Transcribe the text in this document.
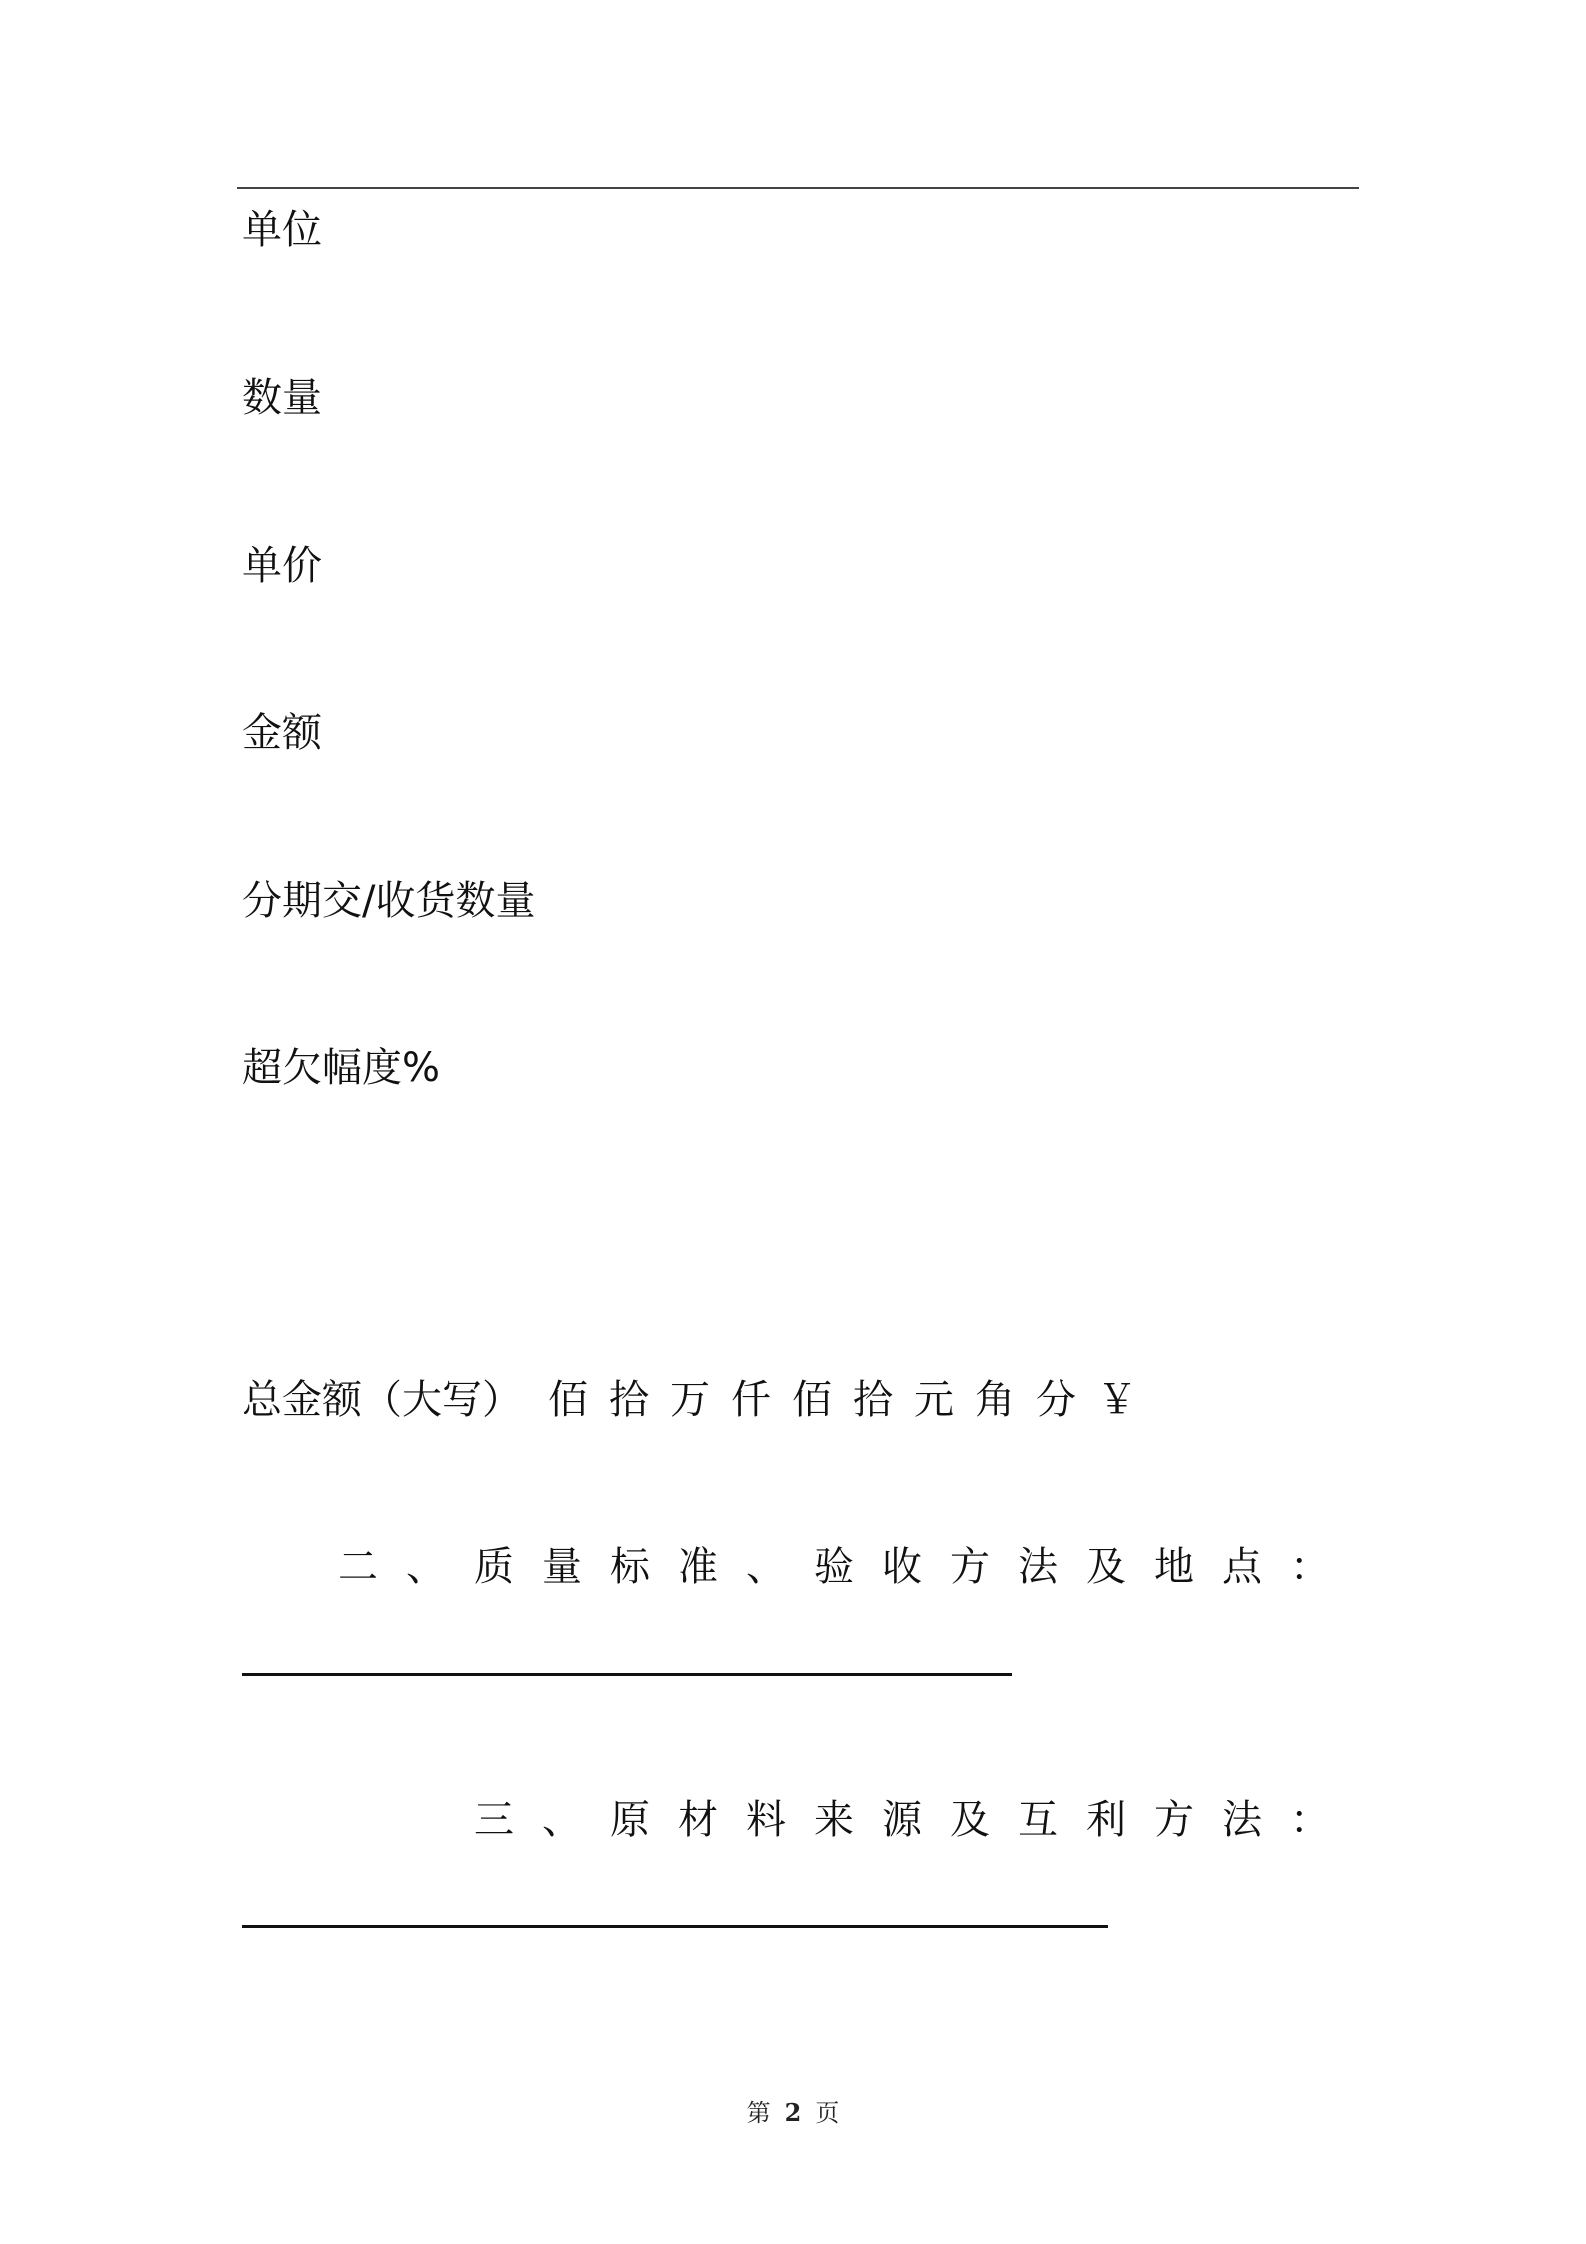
单位
数量
单价
金额
分期交/收货数量
超欠幅度%
总金额（大写） 佰拾万仟佰拾元角分￥
二、质量标准、验收方法及地点：
三、原材料来源及互利方法：
第 2 页
